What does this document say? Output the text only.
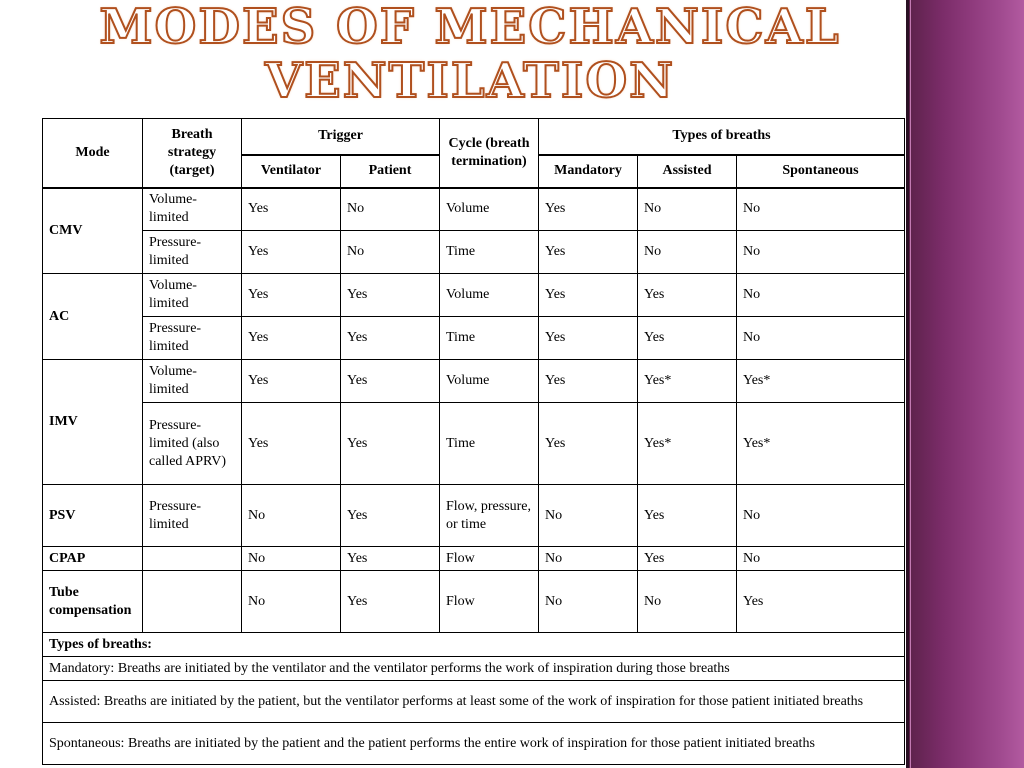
MODES OF MECHANICAL
VENTILATION
Mode	Breath strategy (target)	Trigger		Cycle (breath termination)	Types of breaths		
		Ventilator	Patient		Mandatory	Assisted	Spontaneous
CMV	Volume-limited	Yes	No	Volume	Yes	No	No
	Pressure-limited	Yes	No	Time	Yes	No	No
AC	Volume-limited	Yes	Yes	Volume	Yes	Yes	No
	Pressure-limited	Yes	Yes	Time	Yes	Yes	No
IMV	Volume-limited	Yes	Yes	Volume	Yes	Yes*	Yes*
	Pressure-limited (also called APRV)	Yes	Yes	Time	Yes	Yes*	Yes*
PSV	Pressure-limited	No	Yes	Flow, pressure, or time	No	Yes	No
CPAP		No	Yes	Flow	No	Yes	No
Tube compensation		No	Yes	Flow	No	No	Yes
Types of breaths:							
Mandatory: Breaths are initiated by the ventilator and the ventilator performs the work of inspiration during those breaths							
Assisted: Breaths are initiated by the patient, but the ventilator performs at least some of the work of inspiration for those patient initiated breaths							
Spontaneous: Breaths are initiated by the patient and the patient performs the entire work of inspiration for those patient initiated breaths							
